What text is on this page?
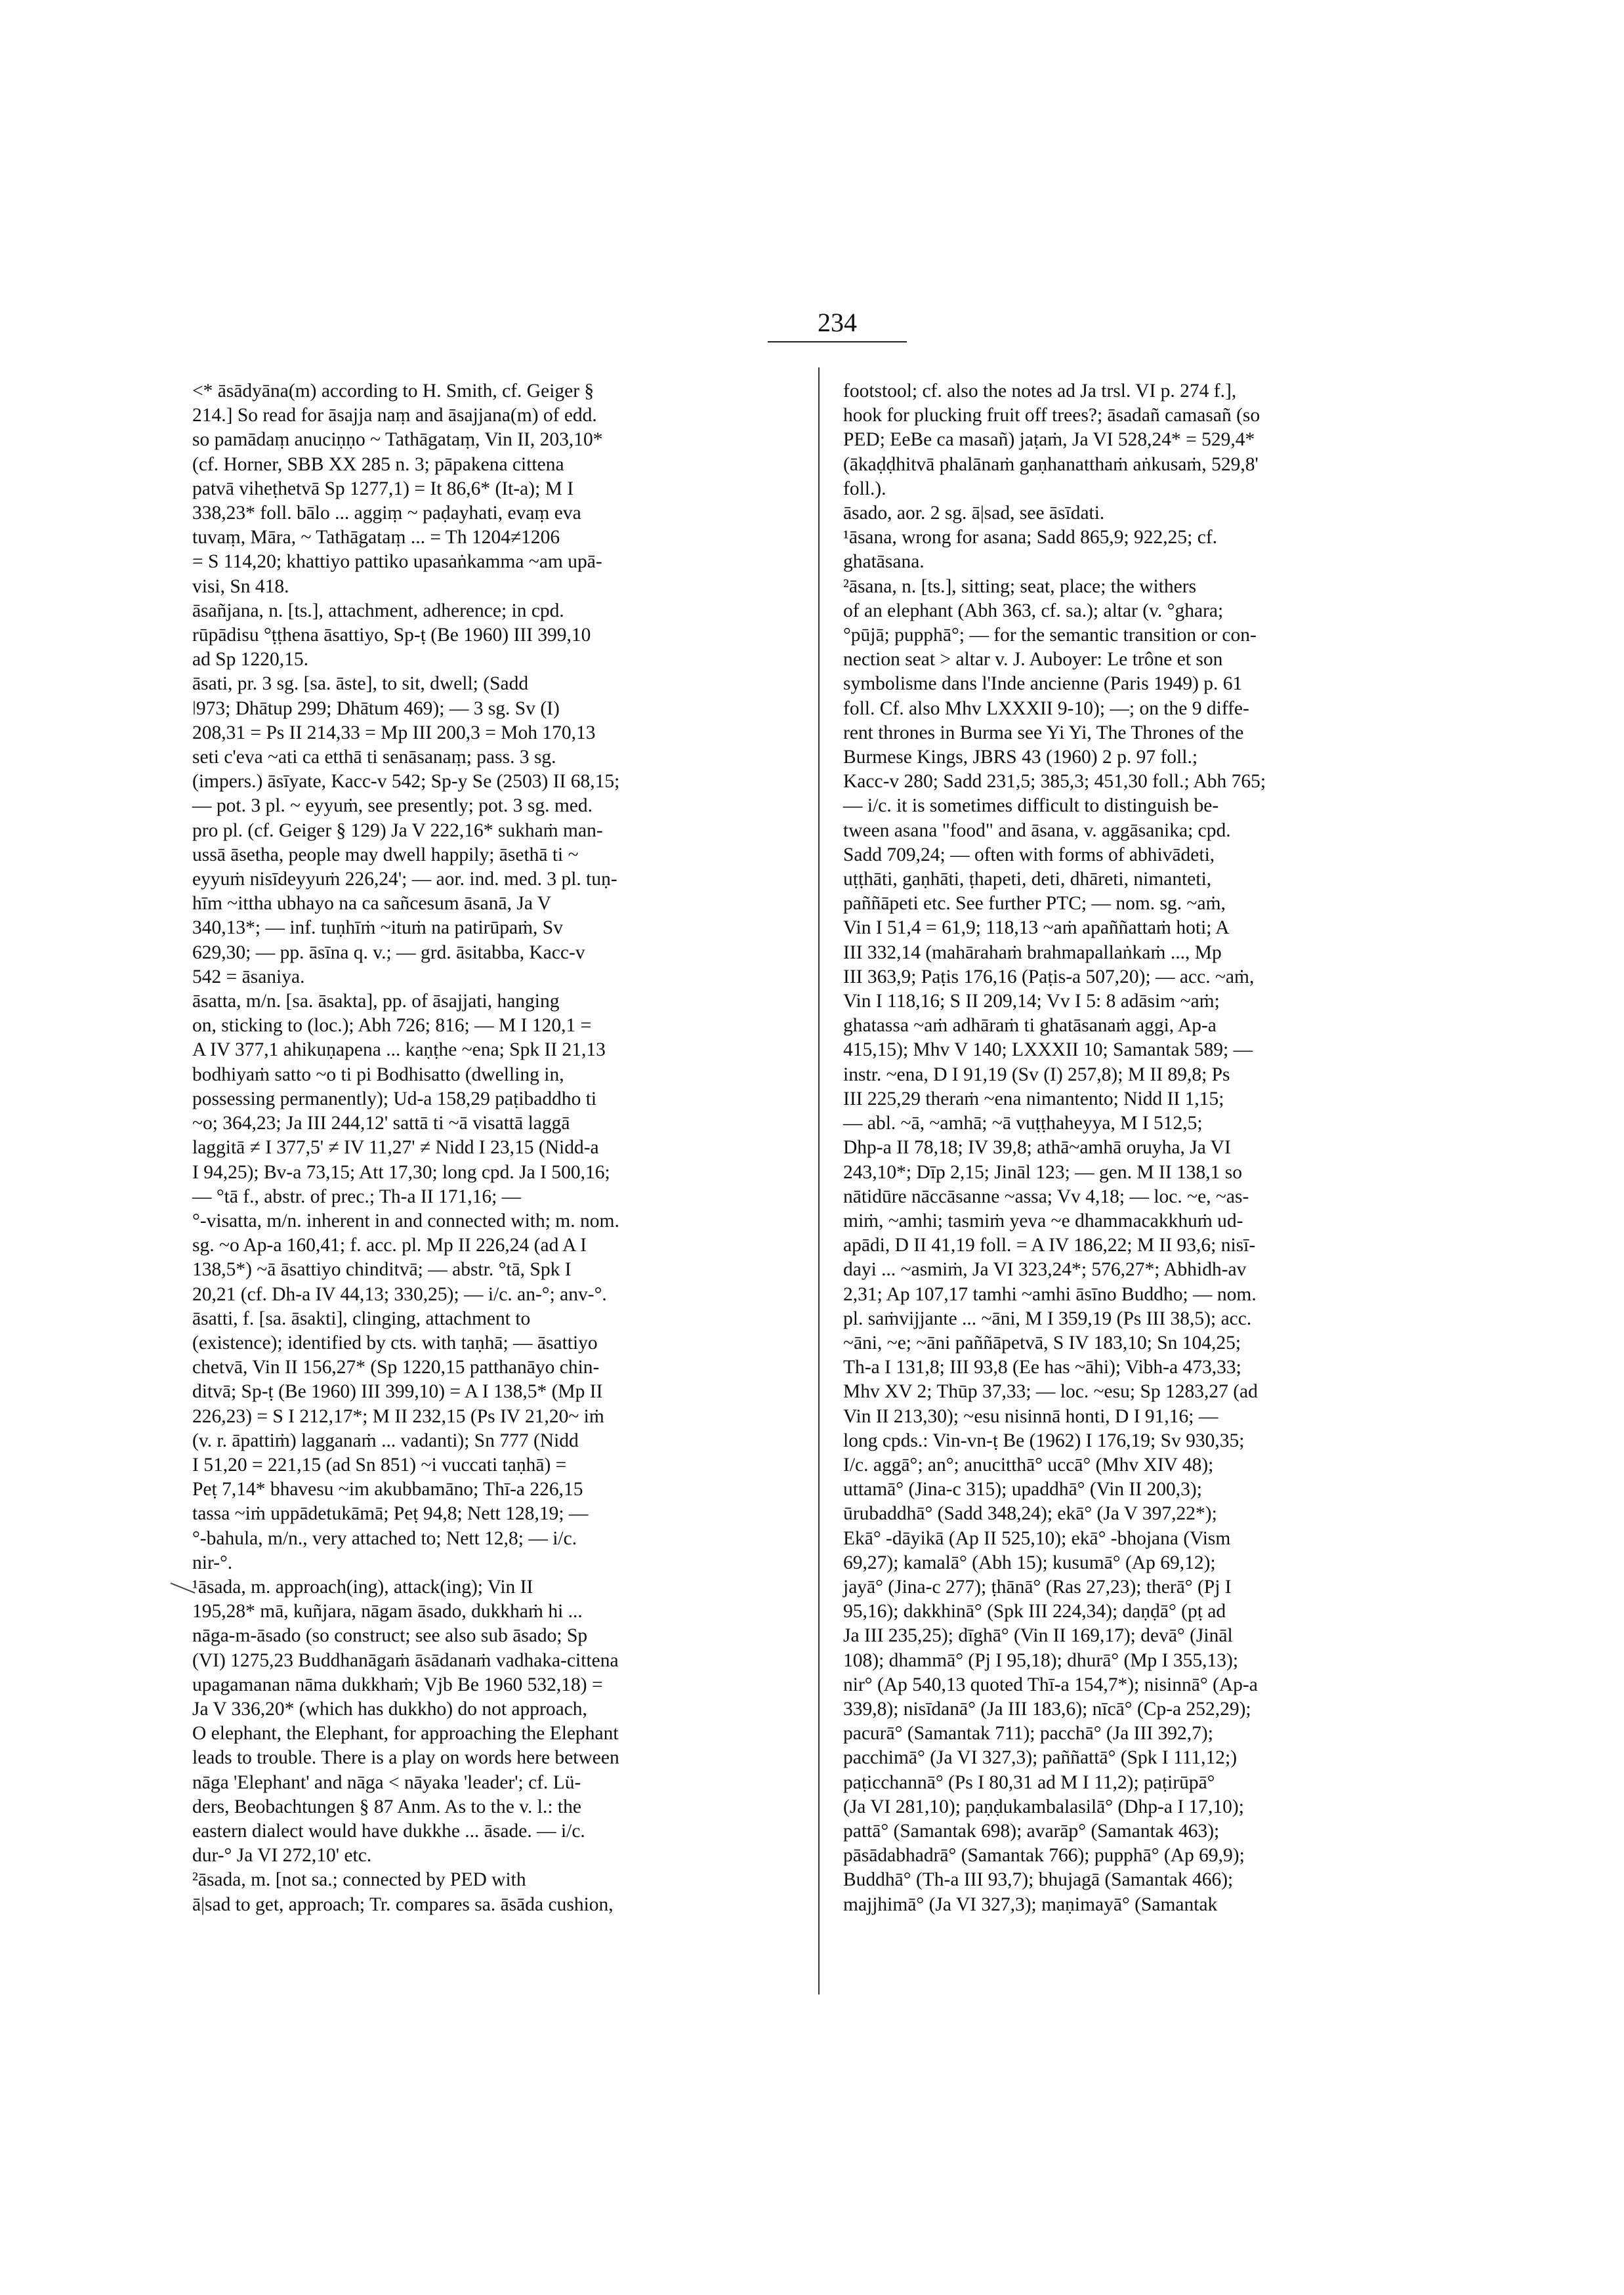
234

<* āsādyāna(m) according to H. Smith, cf. Geiger §

214.] So read for āsajja naṃ and āsajjana(m) of edd.

so pamādaṃ anuciṇṇo ~ Tathāgataṃ, Vin II, 203,10*

(cf. Horner, SBB XX 285 n. 3; pāpakena cittena

patvā viheṭhetvā Sp 1277,1) = It 86,6* (It-a); M I

338,23* foll. bālo ... aggiṃ ~ paḍayhati, evaṃ eva

tuvaṃ, Māra, ~ Tathāgataṃ ... = Th 1204≠1206

= S 114,20; khattiyo pattiko upasaṅkamma ~am upā-

visi, Sn 418.

āsañjana, n. [ts.], attachment, adherence; in cpd.

rūpādisu °ṭṭhena āsattiyo, Sp-ṭ (Be 1960) III 399,10

ad Sp 1220,15.

āsati, pr. 3 sg. [sa. āste], to sit, dwell; (Sadd

ǀ973; Dhātup 299; Dhātum 469); — 3 sg. Sv (I)

208,31 = Ps II 214,33 = Mp III 200,3 = Moh 170,13

seti c'eva ~ati ca etthā ti senāsanaṃ; pass. 3 sg.

(impers.) āsīyate, Kacc-v 542; Sp-y Se (2503) II 68,15;

— pot. 3 pl. ~ eyyuṁ, see presently; pot. 3 sg. med.

pro pl. (cf. Geiger § 129) Ja V 222,16* sukhaṁ man-

ussā āsetha, people may dwell happily; āsethā ti ~

eyyuṁ nisīdeyyuṁ 226,24'; — aor. ind. med. 3 pl. tuṇ-

hīm ~ittha ubhayo na ca sañcesum āsanā, Ja V

340,13*; — inf. tuṇhīṁ ~ituṁ na patirūpaṁ, Sv

629,30; — pp. āsīna q. v.; — grd. āsitabba, Kacc-v

542 = āsaniya.

āsatta, m/n. [sa. āsakta], pp. of āsajjati, hanging

on, sticking to (loc.); Abh 726; 816; — M I 120,1 =

A IV 377,1 ahikuṇapena ... kaṇṭhe ~ena; Spk II 21,13

bodhiyaṁ satto ~o ti pi Bodhisatto (dwelling in,

possessing permanently); Ud-a 158,29 paṭibaddho ti

~o; 364,23; Ja III 244,12' sattā ti ~ā visattā laggā

laggitā ≠ I 377,5' ≠ IV 11,27' ≠ Nidd I 23,15 (Nidd-a

I 94,25); Bv-a 73,15; Att 17,30; long cpd. Ja I 500,16;

— °tā f., abstr. of prec.; Th-a II 171,16; —

°-visatta, m/n. inherent in and connected with; m. nom.

sg. ~o Ap-a 160,41; f. acc. pl. Mp II 226,24 (ad A I

138,5*) ~ā āsattiyo chinditvā; — abstr. °tā, Spk I

20,21 (cf. Dh-a IV 44,13; 330,25); — i/c. an-°; anv-°.

āsatti, f. [sa. āsakti], clinging, attachment to

(existence); identified by cts. with taṇhā; — āsattiyo

chetvā, Vin II 156,27* (Sp 1220,15 patthanāyo chin-

ditvā; Sp-ṭ (Be 1960) III 399,10) = A I 138,5* (Mp II

226,23) = S I 212,17*; M II 232,15 (Ps IV 21,20~ iṁ

(v. r. āpattiṁ) lagganaṁ ... vadanti); Sn 777 (Nidd

I 51,20 = 221,15 (ad Sn 851) ~i vuccati taṇhā) =

Peṭ 7,14* bhavesu ~im akubbamāno; Thī-a 226,15

tassa ~iṁ uppādetukāmā; Peṭ 94,8; Nett 128,19; —

°-bahula, m/n., very attached to; Nett 12,8; — i/c.

nir-°.

¹āsada, m. approach(ing), attack(ing); Vin II

195,28* mā, kuñjara, nāgam āsado, dukkhaṁ hi ...

nāga-m-āsado (so construct; see also sub āsado; Sp

(VI) 1275,23 Buddhanāgaṁ āsādanaṁ vadhaka-cittena

upagamanan nāma dukkhaṁ; Vjb Be 1960 532,18) =

Ja V 336,20* (which has dukkho) do not approach,

O elephant, the Elephant, for approaching the Elephant

leads to trouble. There is a play on words here between

nāga 'Elephant' and nāga < nāyaka 'leader'; cf. Lü-

ders, Beobachtungen § 87 Anm. As to the v. l.: the

eastern dialect would have dukkhe ... āsade. — i/c.

dur-° Ja VI 272,10' etc.

²āsada, m. [not sa.; connected by PED with

ā|sad to get, approach; Tr. compares sa. āsāda cushion,

footstool; cf. also the notes ad Ja trsl. VI p. 274 f.],

hook for plucking fruit off trees?; āsadañ camasañ (so

PED; EeBe ca masañ) jaṭaṁ, Ja VI 528,24* = 529,4*

(ākaḍḍhitvā phalānaṁ gaṇhanatthaṁ aṅkusaṁ, 529,8'

foll.).

āsado, aor. 2 sg. ā|sad, see āsīdati.

¹āsana, wrong for asana; Sadd 865,9; 922,25; cf.

ghatāsana.

²āsana, n. [ts.], sitting; seat, place; the withers

of an elephant (Abh 363, cf. sa.); altar (v. °ghara;

°pūjā; pupphā°; — for the semantic transition or con-

nection seat > altar v. J. Auboyer: Le trône et son

symbolisme dans l'Inde ancienne (Paris 1949) p. 61

foll. Cf. also Mhv LXXXII 9-10); —; on the 9 diffe-

rent thrones in Burma see Yi Yi, The Thrones of the

Burmese Kings, JBRS 43 (1960) 2 p. 97 foll.;

Kacc-v 280; Sadd 231,5; 385,3; 451,30 foll.; Abh 765;

— i/c. it is sometimes difficult to distinguish be-

tween asana "food" and āsana, v. aggāsanika; cpd.

Sadd 709,24; — often with forms of abhivādeti,

uṭṭhāti, gaṇhāti, ṭhapeti, deti, dhāreti, nimanteti,

paññāpeti etc. See further PTC; — nom. sg. ~aṁ,

Vin I 51,4 = 61,9; 118,13 ~aṁ apaññattaṁ hoti; A

III 332,14 (mahārahaṁ brahmapallaṅkaṁ ..., Mp

III 363,9; Paṭis 176,16 (Paṭis-a 507,20); — acc. ~aṁ,

Vin I 118,16; S II 209,14; Vv I 5: 8 adāsim ~aṁ;

ghatassa ~aṁ adhāraṁ ti ghatāsanaṁ aggi, Ap-a

415,15); Mhv V 140; LXXXII 10; Samantak 589; —

instr. ~ena, D I 91,19 (Sv (I) 257,8); M II 89,8; Ps

III 225,29 theraṁ ~ena nimantento; Nidd II 1,15;

— abl. ~ā, ~amhā; ~ā vuṭṭhaheyya, M I 512,5;

Dhp-a II 78,18; IV 39,8; athā~amhā oruyha, Ja VI

243,10*; Dīp 2,15; Jināl 123; — gen. M II 138,1 so

nātidūre nāccāsanne ~assa; Vv 4,18; — loc. ~e, ~as-

miṁ, ~amhi; tasmiṁ yeva ~e dhammacakkhuṁ ud-

apādi, D II 41,19 foll. = A IV 186,22; M II 93,6; nisī-

dayi ... ~asmiṁ, Ja VI 323,24*; 576,27*; Abhidh-av

2,31; Ap 107,17 tamhi ~amhi āsīno Buddho; — nom.

pl. saṁvijjante ... ~āni, M I 359,19 (Ps III 38,5); acc.

~āni, ~e; ~āni paññāpetvā, S IV 183,10; Sn 104,25;

Th-a I 131,8; III 93,8 (Ee has ~āhi); Vibh-a 473,33;

Mhv XV 2; Thūp 37,33; — loc. ~esu; Sp 1283,27 (ad

Vin II 213,30); ~esu nisinnā honti, D I 91,16; —

long cpds.: Vin-vn-ṭ Be (1962) I 176,19; Sv 930,35;

I/c. aggā°; an°; anucitthā° uccā° (Mhv XIV 48);

uttamā° (Jina-c 315); upaddhā° (Vin II 200,3);

ūrubaddhā° (Sadd 348,24); ekā° (Ja V 397,22*);

Ekā° -dāyikā (Ap II 525,10); ekā° -bhojana (Vism

69,27); kamalā° (Abh 15); kusumā° (Ap 69,12);

jayā° (Jina-c 277); ṭhānā° (Ras 27,23); therā° (Pj I

95,16); dakkhinā° (Spk III 224,34); daṇḍā° (pṭ ad

Ja III 235,25); dīghā° (Vin II 169,17); devā° (Jināl

108); dhammā° (Pj I 95,18); dhurā° (Mp I 355,13);

nir° (Ap 540,13 quoted Thī-a 154,7*); nisinnā° (Ap-a

339,8); nisīdanā° (Ja III 183,6); nīcā° (Cp-a 252,29);

pacurā° (Samantak 711); pacchā° (Ja III 392,7);

pacchimā° (Ja VI 327,3); paññattā° (Spk I 111,12;)

paṭicchannā° (Ps I 80,31 ad M I 11,2); paṭirūpā°

(Ja VI 281,10); paṇḍukambalasilā° (Dhp-a I 17,10);

pattā° (Samantak 698); avarāp° (Samantak 463);

pāsādabhadrā° (Samantak 766); pupphā° (Ap 69,9);

Buddhā° (Th-a III 93,7); bhujagā (Samantak 466);

majjhimā° (Ja VI 327,3); maṇimayā° (Samantak
